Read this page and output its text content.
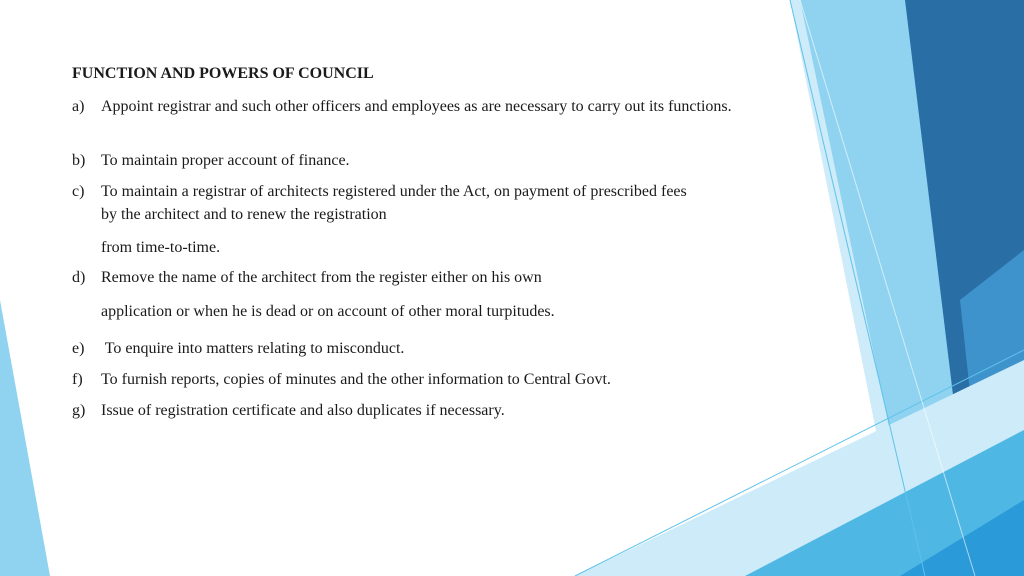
FUNCTION AND POWERS OF COUNCIL
a) Appoint registrar and such other officers and employees as are necessary to carry out its functions.
b) To maintain proper account of finance.
c) To maintain a registrar of architects registered under the Act, on payment of prescribed fees by the architect and to renew the registration
from time-to-time.
d) Remove the name of the architect from the register either on his own
application or when he is dead or on account of other moral turpitudes.
e) To enquire into matters relating to misconduct.
f) To furnish reports, copies of minutes and the other information to Central Govt.
g) Issue of registration certificate and also duplicates if necessary.
